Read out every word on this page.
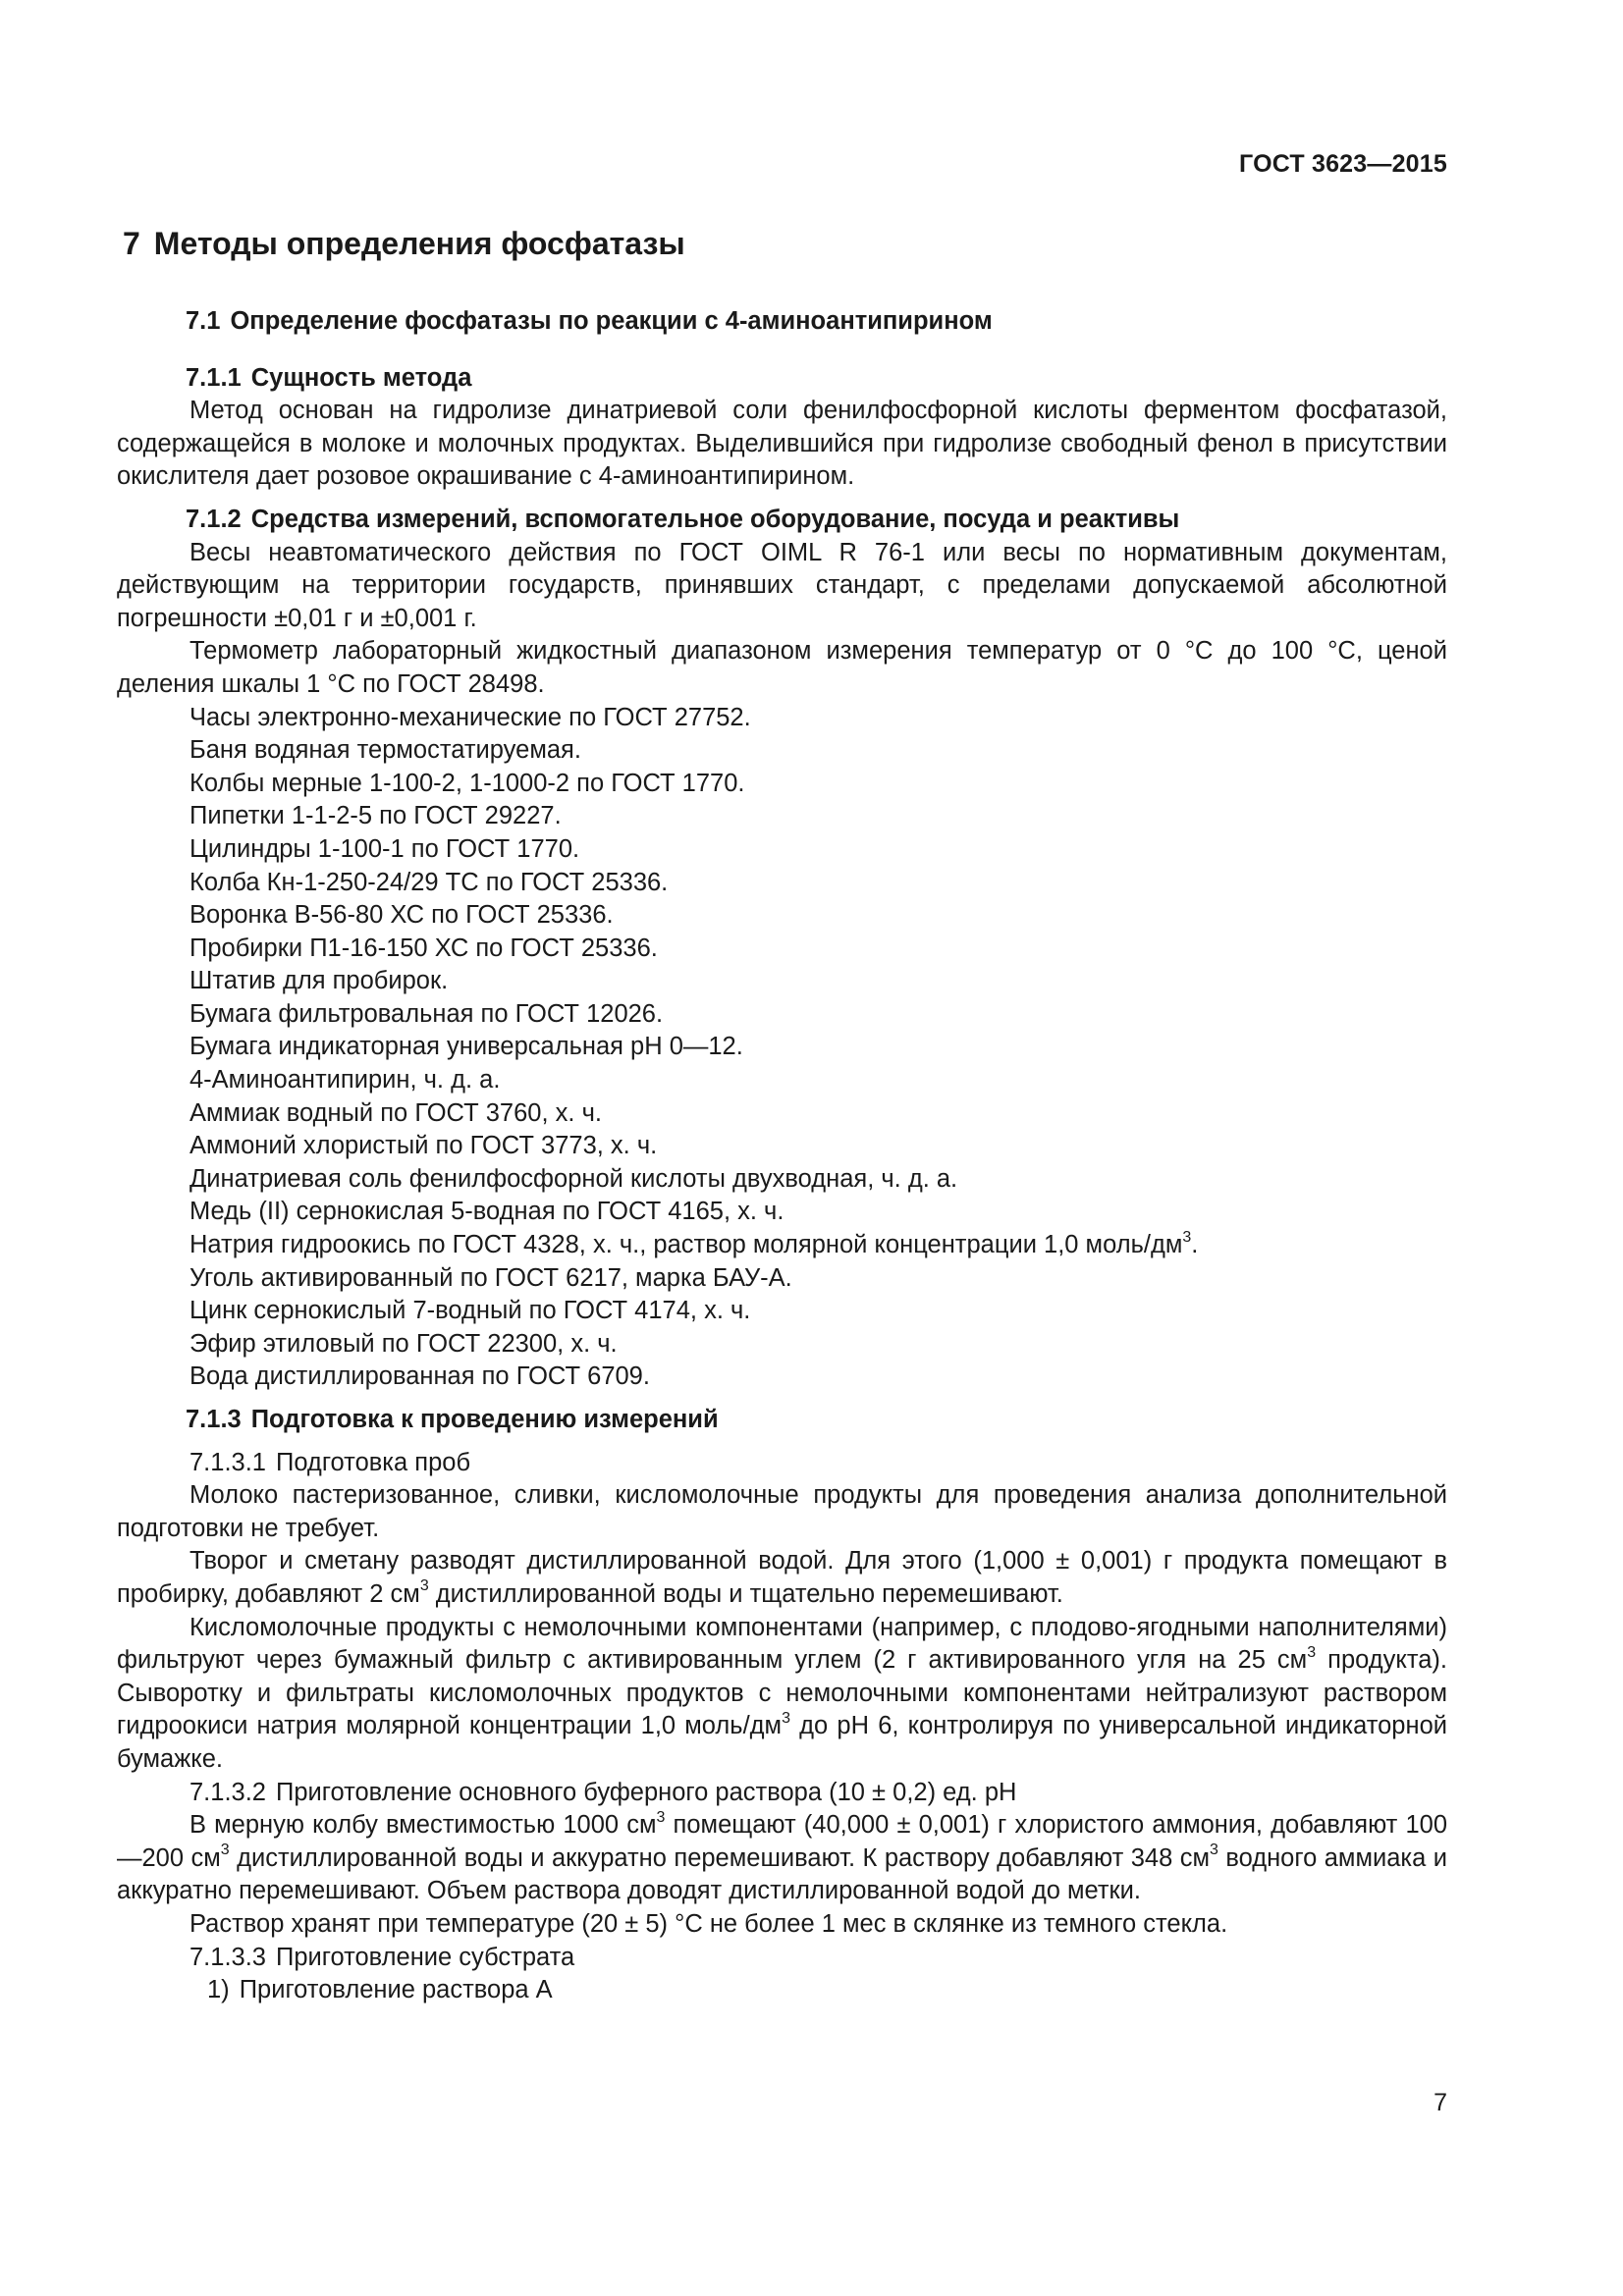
ГОСТ 3623—2015
7 Методы определения фосфатазы
7.1 Определение фосфатазы по реакции с 4-аминоантипирином
7.1.1 Сущность метода

Метод основан на гидролизе динатриевой соли фенилфосфорной кислоты ферментом фосфатазой, содержащейся в молоке и молочных продуктах. Выделившийся при гидролизе свободный фенол в присутствии окислителя дает розовое окрашивание с 4-аминоантипирином.

7.1.2 Средства измерений, вспомогательное оборудование, посуда и реактивы

Весы неавтоматического действия по ГОСТ OIML R 76-1 или весы по нормативным документам, действующим на территории государств, принявших стандарт, с пределами допускаемой абсолютной погрешности ±0,01 г и ±0,001 г.

Термометр лабораторный жидкостный диапазоном измерения температур от 0 °С до 100 °С, ценой деления шкалы 1 °С по ГОСТ 28498.

Часы электронно-механические по ГОСТ 27752.
Баня водяная термостатируемая.
Колбы мерные 1-100-2, 1-1000-2 по ГОСТ 1770.
Пипетки 1-1-2-5 по ГОСТ 29227.
Цилиндры 1-100-1 по ГОСТ 1770.
Колба Кн-1-250-24/29 ТС по ГОСТ 25336.
Воронка В-56-80 ХС по ГОСТ 25336.
Пробирки П1-16-150 ХС по ГОСТ 25336.
Штатив для пробирок.
Бумага фильтровальная по ГОСТ 12026.
Бумага индикаторная универсальная рН 0—12.
4-Аминоантипирин, ч. д. а.
Аммиак водный по ГОСТ 3760, х. ч.
Аммоний хлористый по ГОСТ 3773, х. ч.
Динатриевая соль фенилфосфорной кислоты двухводная, ч. д. а.
Медь (II) сернокислая 5-водная по ГОСТ 4165, х. ч.
Натрия гидроокись по ГОСТ 4328, х. ч., раствор молярной концентрации 1,0 моль/$дм^3$.
Уголь активированный по ГОСТ 6217, марка БАУ-А.
Цинк сернокислый 7-водный по ГОСТ 4174, х. ч.
Эфир этиловый по ГОСТ 22300, х. ч.
Вода дистиллированная по ГОСТ 6709.
7.1.3 Подготовка к проведению измерений
7.1.3.1 Подготовка проб

Молоко пастеризованное, сливки, кисломолочные продукты для проведения анализа дополнительной подготовки не требует.

Творог и сметану разводят дистиллированной водой. Для этого (1,000 ± 0,001) г продукта помещают в пробирку, добавляют 2 $см^3$ дистиллированной воды и тщательно перемешивают.

Кисломолочные продукты с немолочными компонентами (например, с плодово-ягодными наполнителями) фильтруют через бумажный фильтр с активированным углем (2 г активированного угля на 25 $см^3$ продукта). Сыворотку и фильтраты кисломолочных продуктов с немолочными компонентами нейтрализуют раствором гидроокиси натрия молярной концентрации 1,0 моль/$дм^3$ до рН 6, контролируя по универсальной индикаторной бумажке.

7.1.3.2 Приготовление основного буферного раствора (10 ± 0,2) ед. рН

В мерную колбу вместимостью 1000 $см^3$ помещают (40,000 ± 0,001) г хлористого аммония, добавляют 100—200 $см^3$ дистиллированной воды и аккуратно перемешивают. К раствору добавляют 348 $см^3$ водного аммиака и аккуратно перемешивают. Объем раствора доводят дистиллированной водой до метки.

Раствор хранят при температуре (20 ± 5) °С не более 1 мес в склянке из темного стекла.

7.1.3.3 Приготовление субстрата
1) Приготовление раствора А
7
